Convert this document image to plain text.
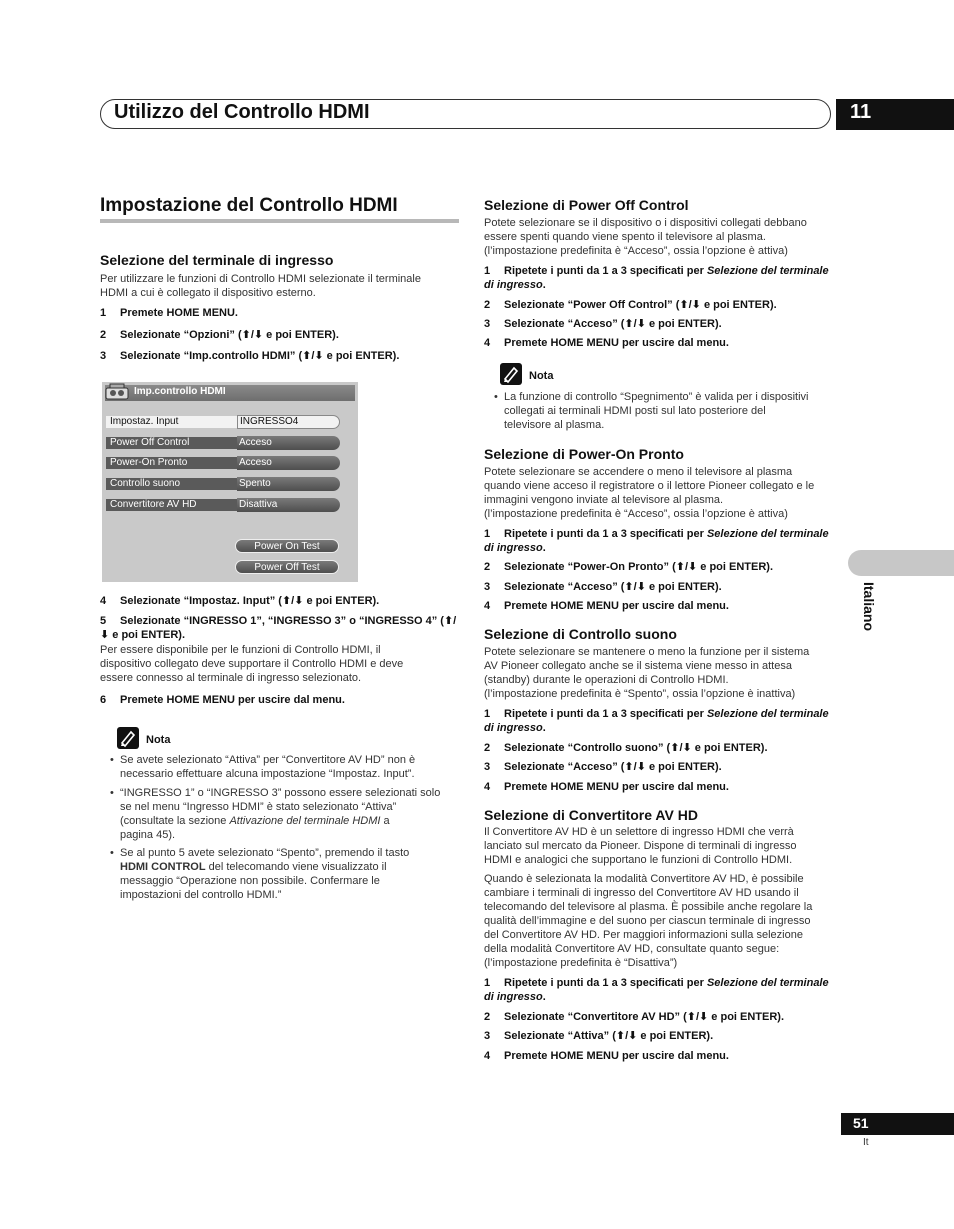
Utilizzo del Controllo HDMI	11
Italiano
51
It
Impostazione del Controllo HDMI
Selezione del terminale di ingresso
Per utilizzare le funzioni di Controllo HDMI selezionate il terminale
HDMI a cui è collegato il dispositivo esterno.
1 Premete HOME MENU.
2 Selezionate “Opzioni” (⬆/⬇ e poi ENTER).
3 Selezionate “Imp.controllo HDMI” (⬆/⬇ e poi ENTER).
Imp.controllo HDMI
Impostaz. Input	INGRESSO4
Power Off Control	Acceso
Power-On Pronto	Acceso
Controllo suono	Spento
Convertitore AV HD	Disattiva
Power On Test
Power Off Test
4 Selezionate “Impostaz. Input” (⬆/⬇ e poi ENTER).
5 Selezionate “INGRESSO 1”, “INGRESSO 3” o “INGRESSO 4” (⬆/
⬇ e poi ENTER).
Per essere disponibile per le funzioni di Controllo HDMI, il
dispositivo collegato deve supportare il Controllo HDMI e deve
essere connesso al terminale di ingresso selezionato.
6 Premete HOME MENU per uscire dal menu.
Nota
• Se avete selezionato “Attiva” per “Convertitore AV HD” non è
necessario effettuare alcuna impostazione “Impostaz. Input”.
• “INGRESSO 1” o “INGRESSO 3” possono essere selezionati solo
se nel menu “Ingresso HDMI” è stato selezionato “Attiva”
(consultate la sezione Attivazione del terminale HDMI a
pagina 45).
• Se al punto 5 avete selezionato “Spento”, premendo il tasto
HDMI CONTROL del telecomando viene visualizzato il
messaggio “Operazione non possibile. Confermare le
impostazioni del controllo HDMI.”
Selezione di Power Off Control
Potete selezionare se il dispositivo o i dispositivi collegati debbano
essere spenti quando viene spento il televisore al plasma.
(l’impostazione predefinita è “Acceso”, ossia l’opzione è attiva)
1 Ripetete i punti da 1 a 3 specificati per Selezione del terminale
di ingresso.
2 Selezionate “Power Off Control” (⬆/⬇ e poi ENTER).
3 Selezionate “Acceso” (⬆/⬇ e poi ENTER).
4 Premete HOME MENU per uscire dal menu.
Nota
• La funzione di controllo “Spegnimento” è valida per i dispositivi
collegati ai terminali HDMI posti sul lato posteriore del
televisore al plasma.
Selezione di Power-On Pronto
Potete selezionare se accendere o meno il televisore al plasma
quando viene acceso il registratore o il lettore Pioneer collegato e le
immagini vengono inviate al televisore al plasma.
(l’impostazione predefinita è “Acceso”, ossia l’opzione è attiva)
1 Ripetete i punti da 1 a 3 specificati per Selezione del terminale
di ingresso.
2 Selezionate “Power-On Pronto” (⬆/⬇ e poi ENTER).
3 Selezionate “Acceso” (⬆/⬇ e poi ENTER).
4 Premete HOME MENU per uscire dal menu.
Selezione di Controllo suono
Potete selezionare se mantenere o meno la funzione per il sistema
AV Pioneer collegato anche se il sistema viene messo in attesa
(standby) durante le operazioni di Controllo HDMI.
(l’impostazione predefinita è “Spento”, ossia l’opzione è inattiva)
1 Ripetete i punti da 1 a 3 specificati per Selezione del terminale
di ingresso.
2 Selezionate “Controllo suono” (⬆/⬇ e poi ENTER).
3 Selezionate “Acceso” (⬆/⬇ e poi ENTER).
4 Premete HOME MENU per uscire dal menu.
Selezione di Convertitore AV HD
Il Convertitore AV HD è un selettore di ingresso HDMI che verrà
lanciato sul mercato da Pioneer. Dispone di terminali di ingresso
HDMI e analogici che supportano le funzioni di Controllo HDMI.
Quando è selezionata la modalità Convertitore AV HD, è possibile
cambiare i terminali di ingresso del Convertitore AV HD usando il
telecomando del televisore al plasma. È possibile anche regolare la
qualità dell’immagine e del suono per ciascun terminale di ingresso
del Convertitore AV HD. Per maggiori informazioni sulla selezione
della modalità Convertitore AV HD, consultate quanto segue:
(l’impostazione predefinita è “Disattiva”)
1 Ripetete i punti da 1 a 3 specificati per Selezione del terminale
di ingresso.
2 Selezionate “Convertitore AV HD” (⬆/⬇ e poi ENTER).
3 Selezionate “Attiva” (⬆/⬇ e poi ENTER).
4 Premete HOME MENU per uscire dal menu.
